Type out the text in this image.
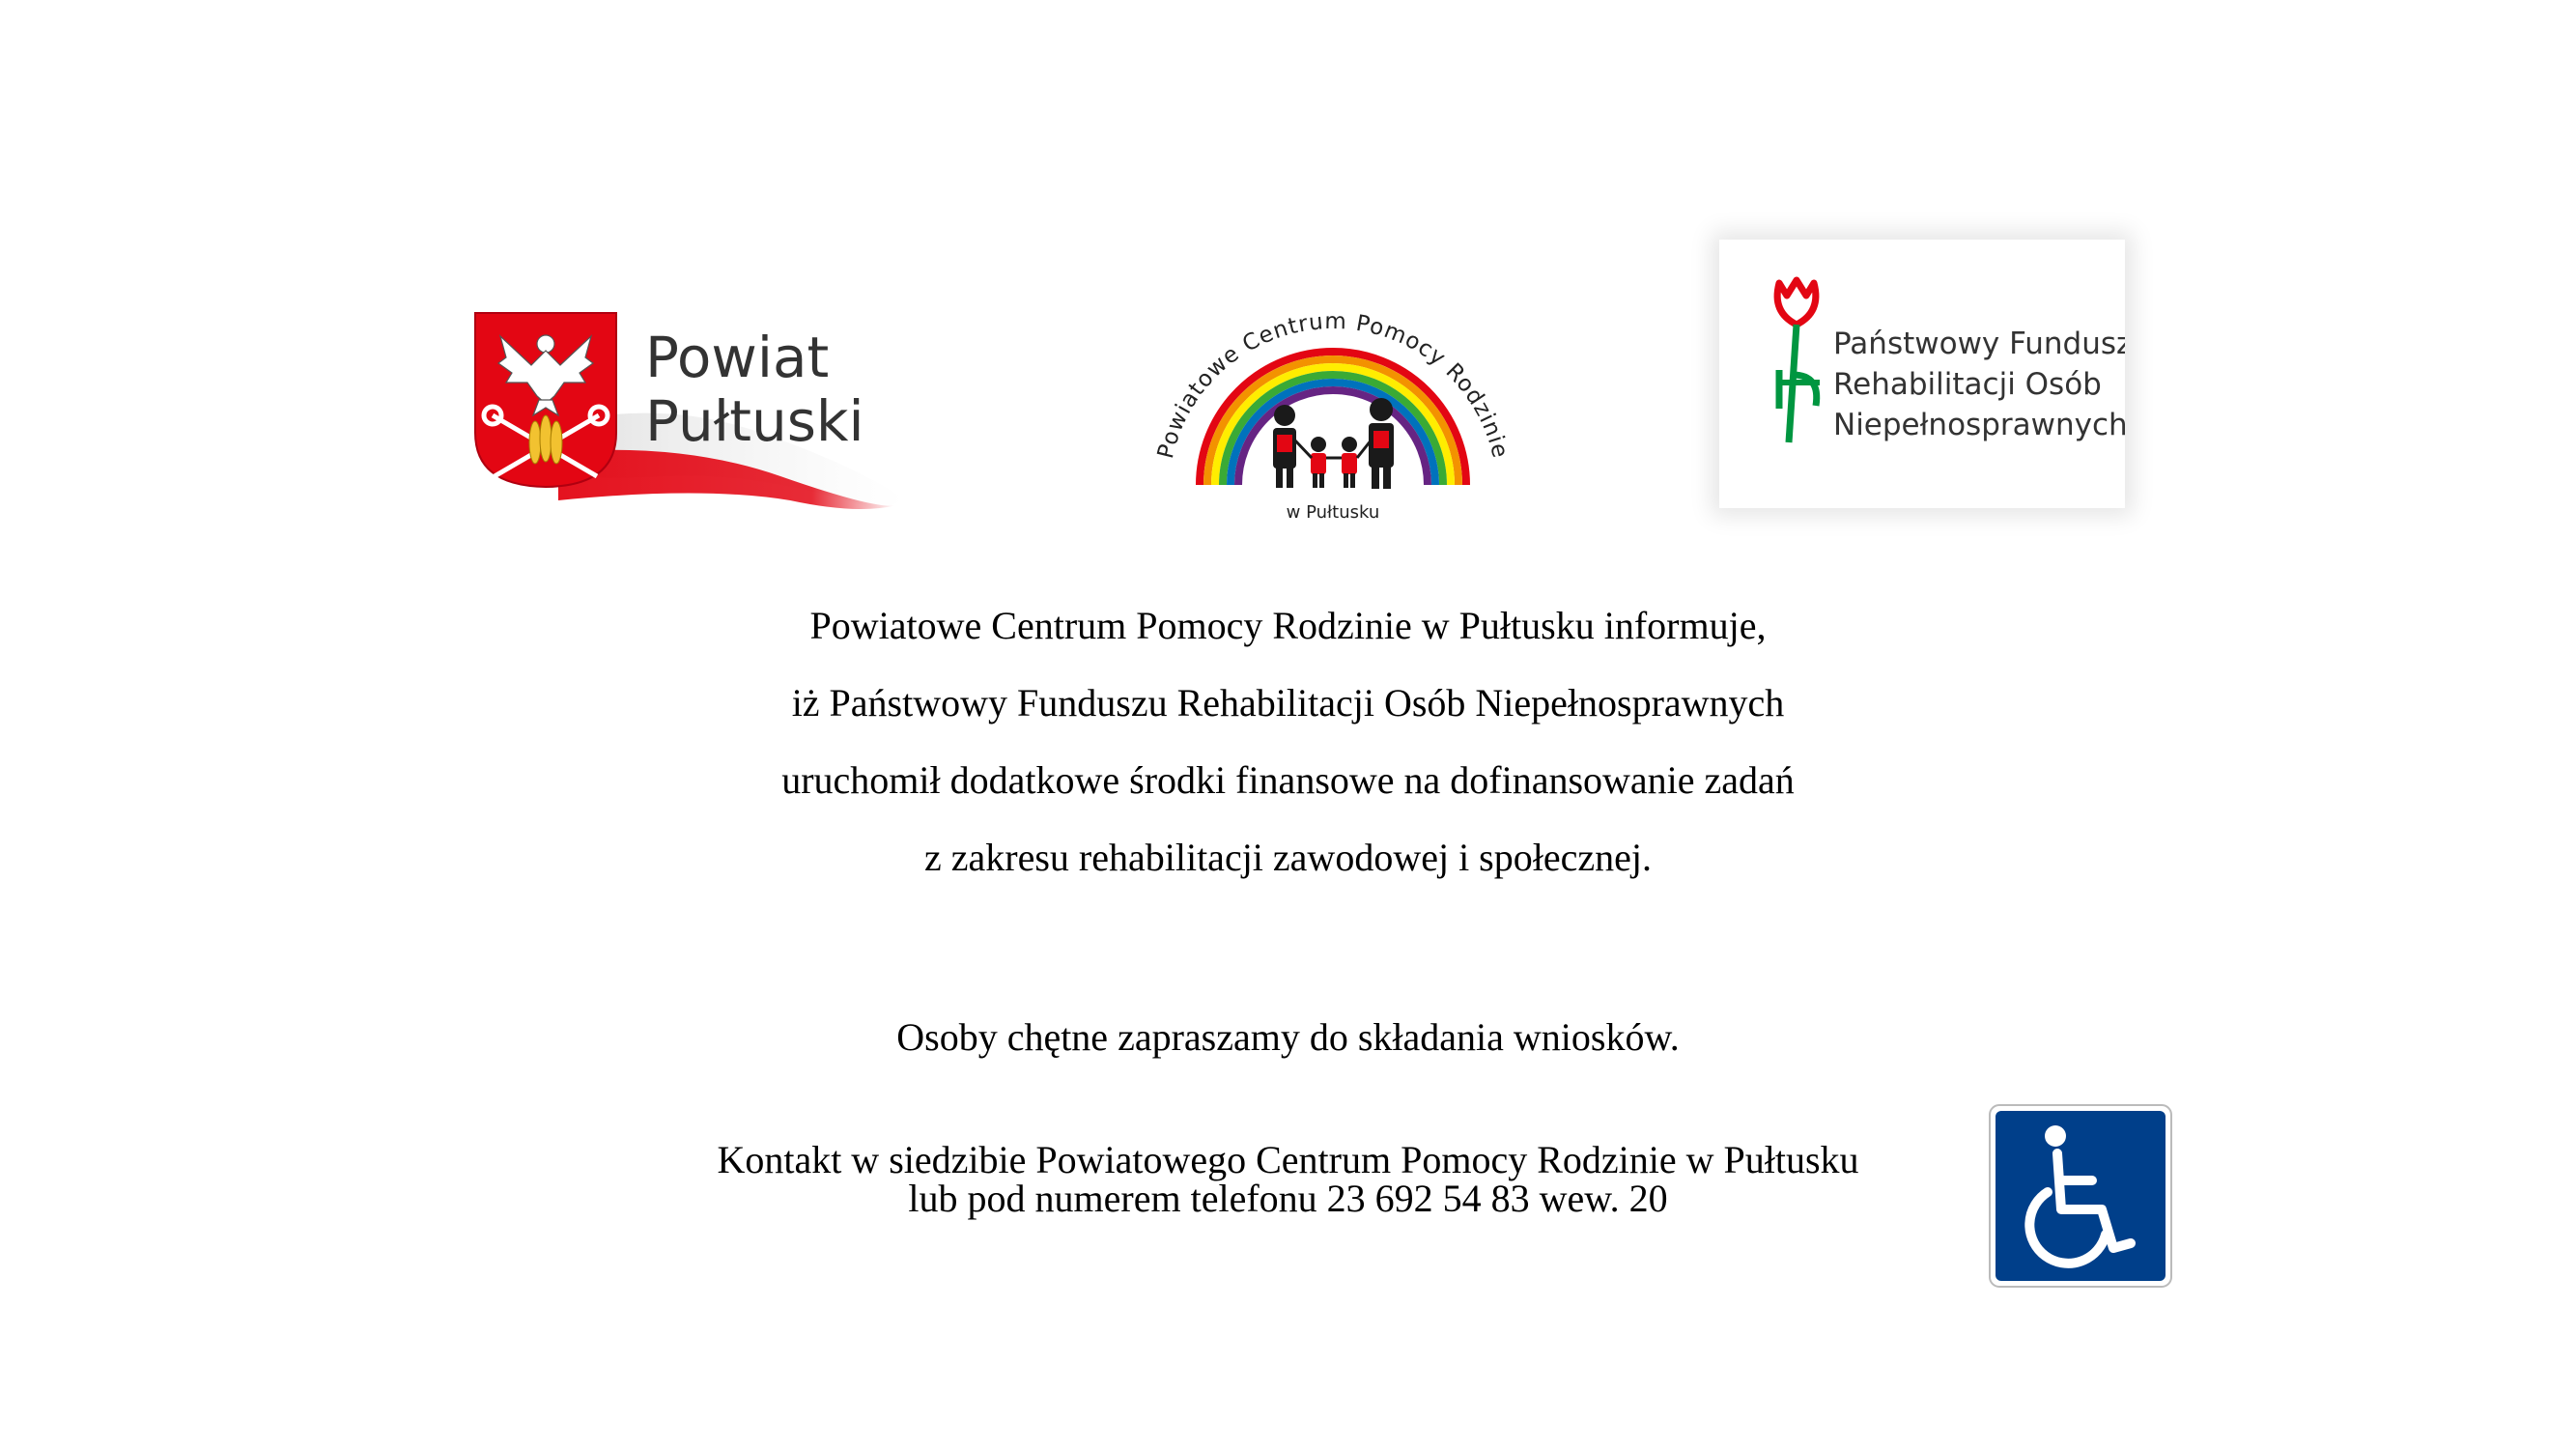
Powiat
Pułtuski	Powiatowe Centrum Pomocy Rodzinie
w Pułtusku
Państwowy Fundusz
Rehabilitacji Osób
Niepełnosprawnych
Powiatowe Centrum Pomocy Rodzinie w Pułtusku informuje,
iż Państwowy Funduszu Rehabilitacji Osób Niepełnosprawnych
uruchomił dodatkowe środki finansowe na dofinansowanie zadań
z zakresu rehabilitacji zawodowej i społecznej.
Osoby chętne zapraszamy do składania wniosków.
Kontakt w siedzibie Powiatowego Centrum Pomocy Rodzinie w Pułtusku
lub pod numerem telefonu 23 692 54 83 wew. 20
